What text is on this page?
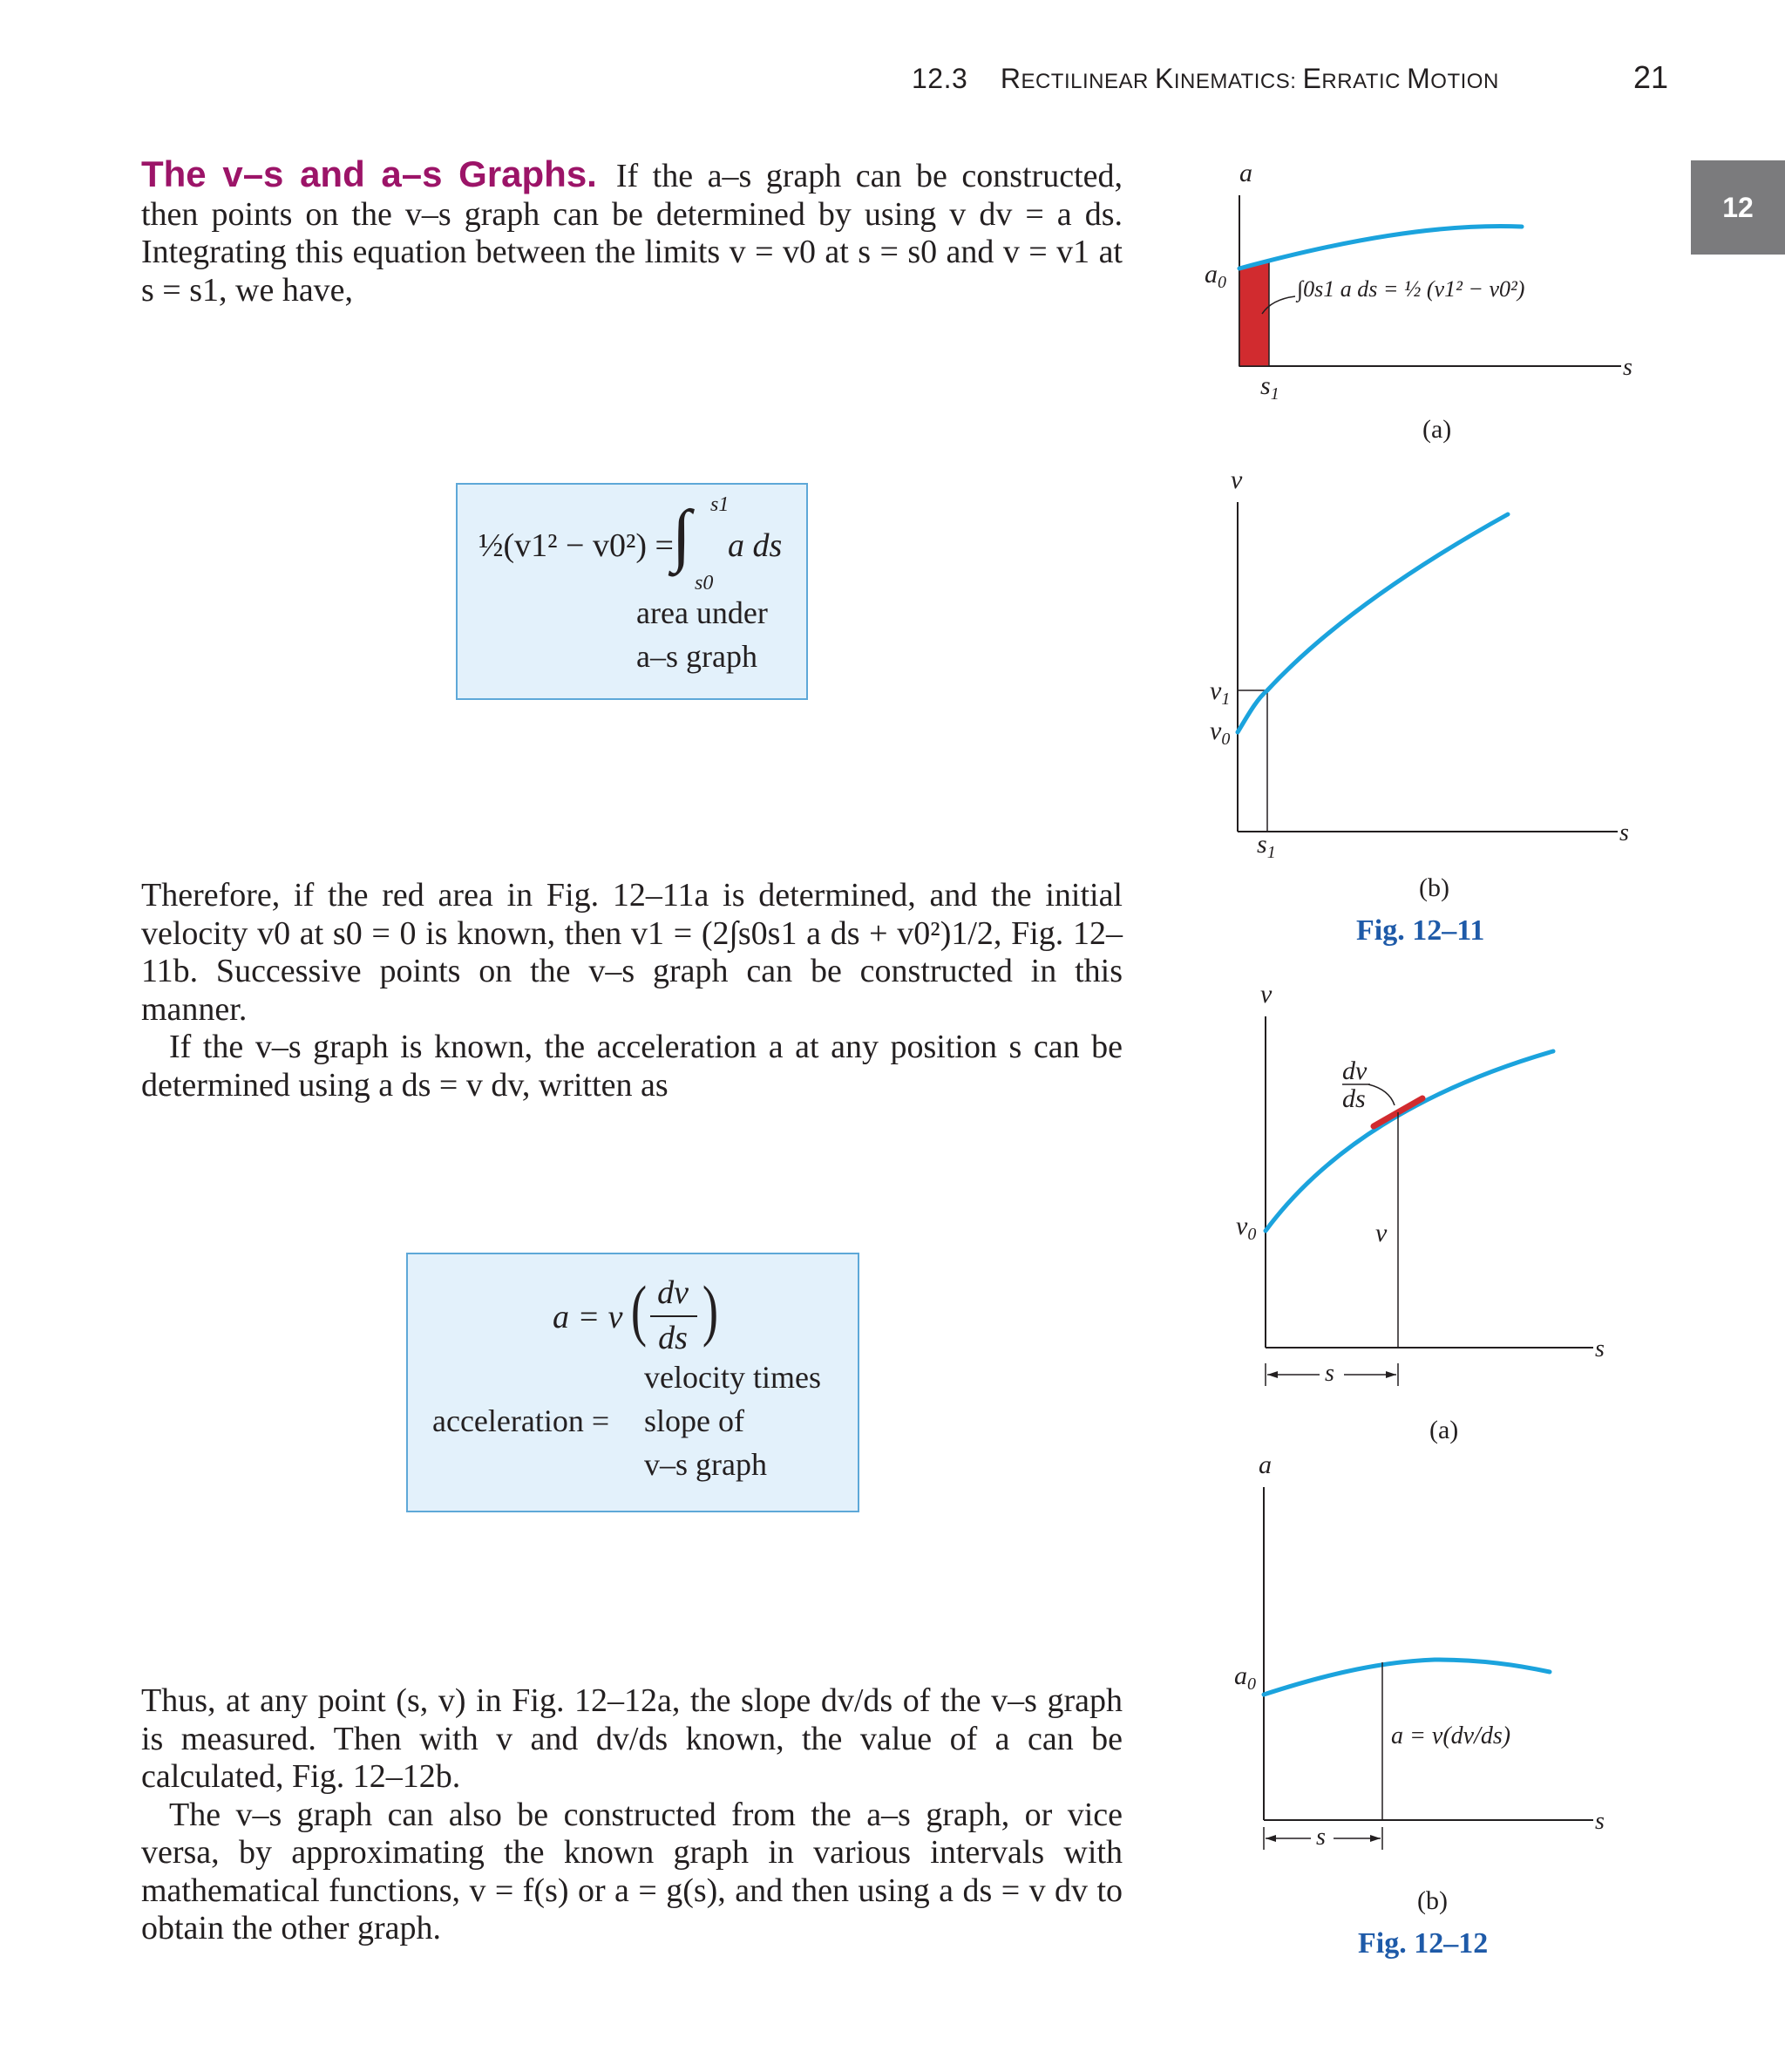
12.3 RECTILINEAR KINEMATICS: ERRATIC MOTION	21
12

The v–s and a–s Graphs. If the a–s graph can be constructed, then points on the v–s graph can be determined by using v dv = a ds. Integrating this equation between the limits v = v0 at s = s0 and v = v1 at s = s1, we have,

½(v1² − v0²) =
∫ s1
s0
a ds
area under
a–s graph

Therefore, if the red area in Fig. 12–11a is determined, and the initial velocity v0 at s0 = 0 is known, then v1 = (2∫s0s1 a ds + v0²)1/2, Fig. 12–11b. Successive points on the v–s graph can be constructed in this manner.

If the v–s graph is known, the acceleration a at any position s can be determined using a ds = v dv, written as

a = v ( dv
ds )
velocity times
acceleration = slope of
v–s graph

Thus, at any point (s, v) in Fig. 12–12a, the slope dv/ds of the v–s graph is measured. Then with v and dv/ds known, the value of a can be calculated, Fig. 12–12b.

The v–s graph can also be constructed from the a–s graph, or vice versa, by approximating the known graph in various intervals with mathematical functions, v = f(s) or a = g(s), and then using a ds = v dv to obtain the other graph.

a
$a_0$
$s_1$
s
∫0s1 a ds = ½ (v1² − v0²)
(a)
v
$v_1$
$v_0$
$s_1$
s
(b)
Fig. 12–11
v
dv
ds
$v_0$	v
s
s
(a)
a
$a_0$
a = v(dv/ds)
s
s
(b)
Fig. 12–12
